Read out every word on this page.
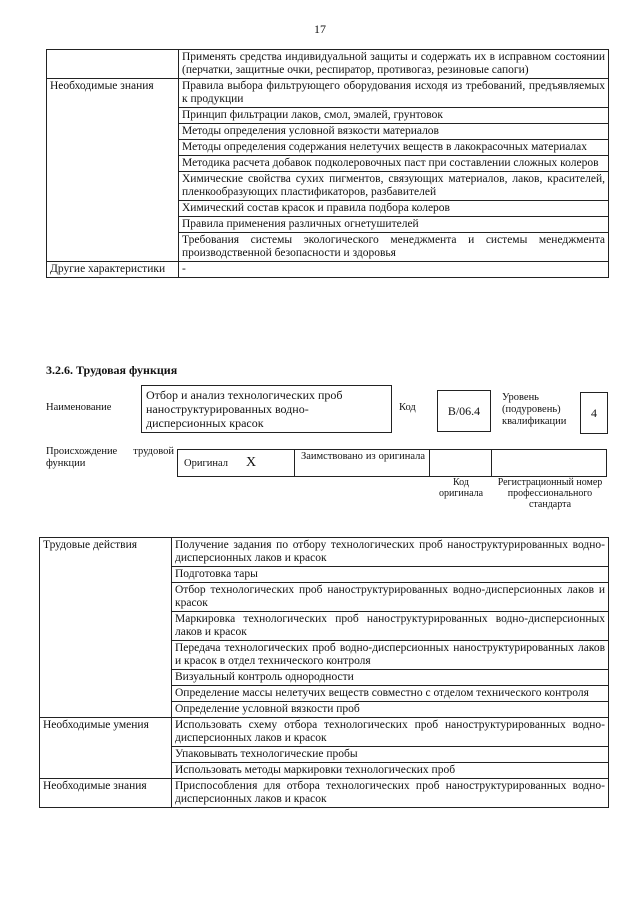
17
	Применять средства индивидуальной защиты и содержать их в исправном состоянии (перчатки, защитные очки, респиратор, противогаз, резиновые сапоги)
Необходимые знания	Правила выбора фильтрующего оборудования исходя из требований, предъявляемых к продукции
	Принцип фильтрации лаков, смол, эмалей, грунтовок
	Методы определения условной вязкости материалов
	Методы определения содержания нелетучих веществ в лакокрасочных материалах
	Методика расчета добавок подколеровочных паст при составлении сложных колеров
	Химические свойства сухих пигментов, связующих материалов, лаков, красителей, пленкообразующих пластификаторов, разбавителей
	Химический состав красок и правила подбора колеров
	Правила применения различных огнетушителей
	Требования системы экологического менеджмента и системы менеджмента производственной безопасности и здоровья
Другие характеристики	-
3.2.6. Трудовая функция
Наименование
Отбор и анализ технологических проб наноструктурированных водно-дисперсионных красок
Код	B/06.4
Уровень (подуровень) квалификации
4
Происхождение трудовой функции	Оригинал X	Заимствовано из оригинала
Код оригинала
Регистрационный номер профессионального стандарта
Трудовые действия	Получение задания по отбору технологических проб наноструктурированных водно-дисперсионных лаков и красок
	Подготовка тары
	Отбор технологических проб наноструктурированных водно-дисперсионных лаков и красок
	Маркировка технологических проб наноструктурированных водно-дисперсионных лаков и красок
	Передача технологических проб водно-дисперсионных наноструктурированных лаков и красок в отдел технического контроля
	Визуальный контроль однородности
	Определение массы нелетучих веществ совместно с отделом технического контроля
	Определение условной вязкости проб
Необходимые умения	Использовать схему отбора технологических проб наноструктурированных водно-дисперсионных лаков и красок
	Упаковывать технологические пробы
	Использовать методы маркировки технологических проб
Необходимые знания	Приспособления для отбора технологических проб наноструктурированных водно-дисперсионных лаков и красок
